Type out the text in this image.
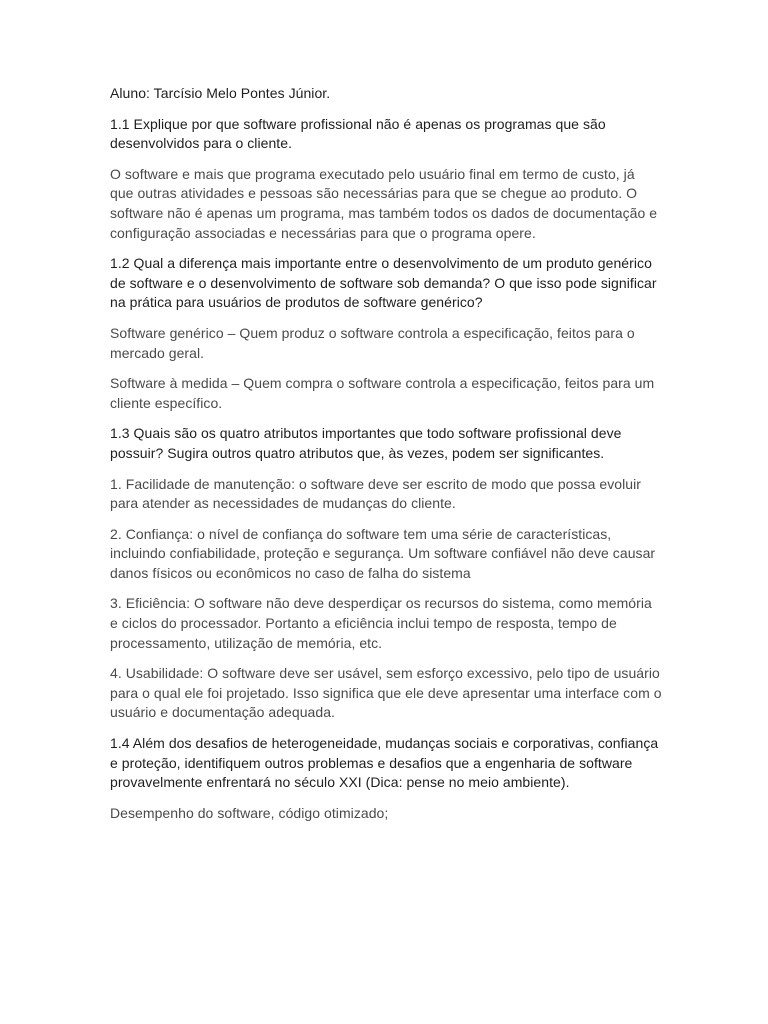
Aluno: Tarcísio Melo Pontes Júnior.

1.1 Explique por que software profissional não é apenas os programas que são desenvolvidos para o cliente.

O software e mais que programa executado pelo usuário final em termo de custo, já que outras atividades e pessoas são necessárias para que se chegue ao produto. O software não é apenas um programa, mas também todos os dados de documentação e configuração associadas e necessárias para que o programa opere.

1.2 Qual a diferença mais importante entre o desenvolvimento de um produto genérico de software e o desenvolvimento de software sob demanda? O que isso pode significar na prática para usuários de produtos de software genérico?

Software genérico – Quem produz o software controla a especificação, feitos para o mercado geral.

Software à medida – Quem compra o software controla a especificação, feitos para um cliente específico.

1.3 Quais são os quatro atributos importantes que todo software profissional deve possuir? Sugira outros quatro atributos que, às vezes, podem ser significantes.

1. Facilidade de manutenção: o software deve ser escrito de modo que possa evoluir para atender as necessidades de mudanças do cliente.

2. Confiança: o nível de confiança do software tem uma série de características, incluindo confiabilidade, proteção e segurança. Um software confiável não deve causar danos físicos ou econômicos no caso de falha do sistema

3. Eficiência: O software não deve desperdiçar os recursos do sistema, como memória e ciclos do processador. Portanto a eficiência inclui tempo de resposta, tempo de processamento, utilização de memória, etc.

4. Usabilidade: O software deve ser usável, sem esforço excessivo, pelo tipo de usuário para o qual ele foi projetado. Isso significa que ele deve apresentar uma interface com o usuário e documentação adequada.

1.4 Além dos desafios de heterogeneidade, mudanças sociais e corporativas, confiança e proteção, identifiquem outros problemas e desafios que a engenharia de software provavelmente enfrentará no século XXI (Dica: pense no meio ambiente).

Desempenho do software, código otimizado;
